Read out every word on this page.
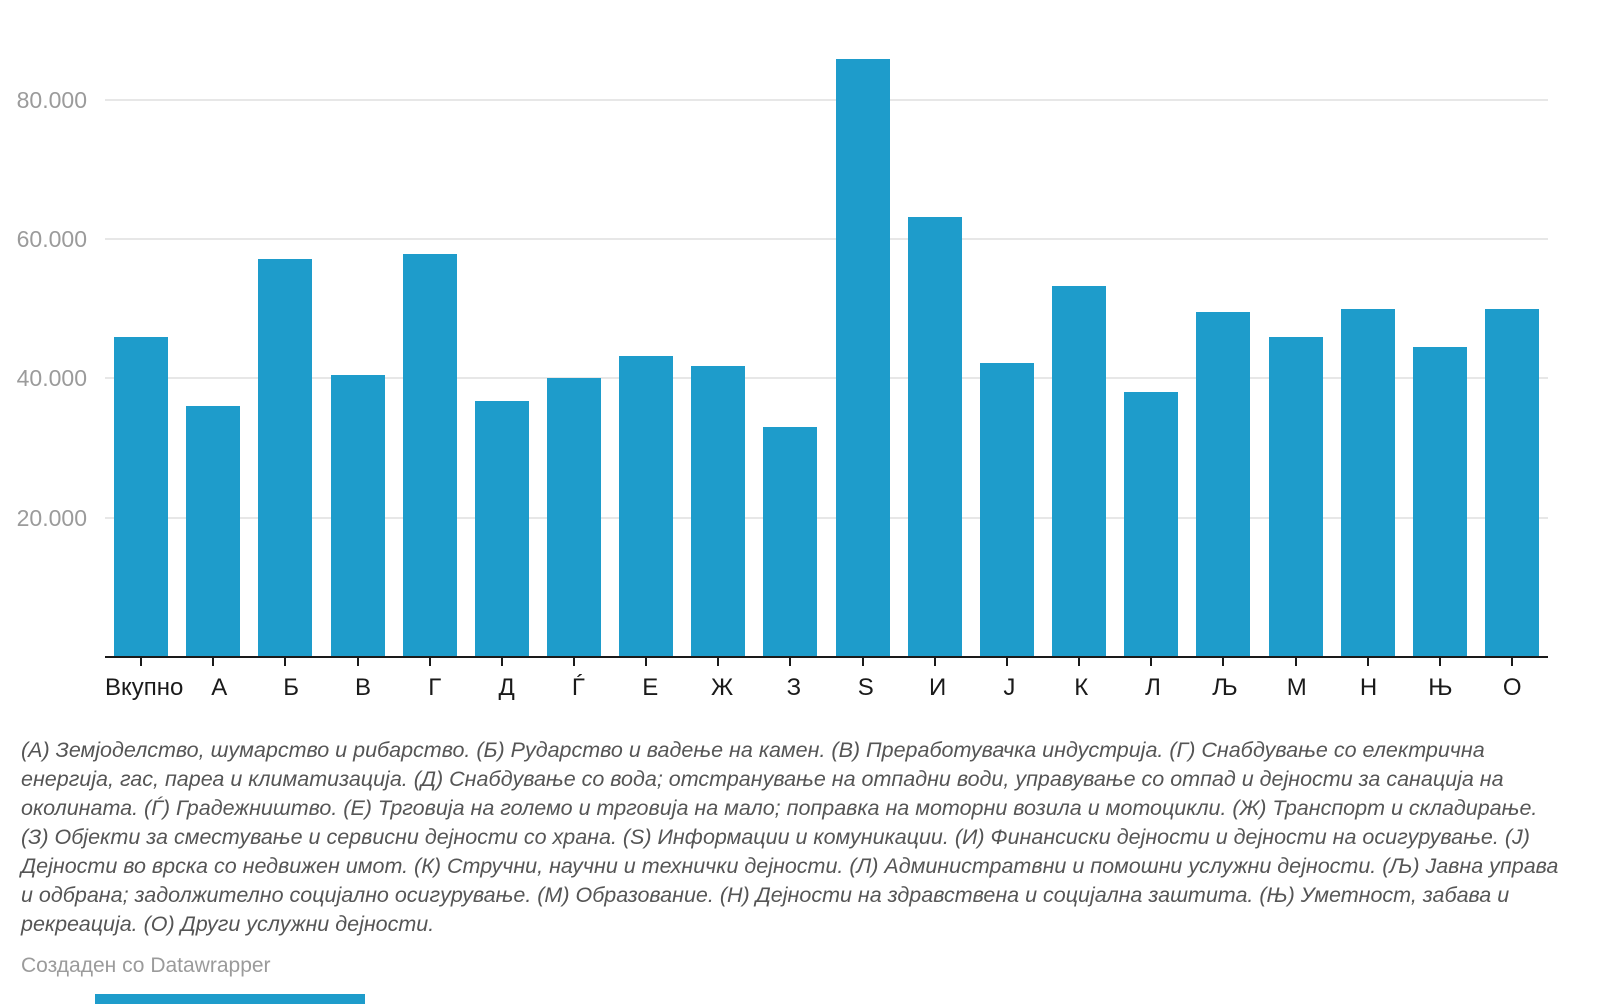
80.000
60.000
40.000
20.000
Вкупно	А	Б	В	Г	Д	Ѓ	Е	Ж	З	S	И	Ј	К	Л	Љ	М	Н	Њ	О
(А) Земјоделство, шумарство и рибарство. (Б) Рударство и вадење на камен. (В) Преработувачка индустрија. (Г) Снабдување со електрична енергија, гас, пареа и климатизација. (Д) Снабдување со вода; отстранување на отпадни води, управување со отпад и дејности за санација на околината. (Ѓ) Градежништво. (Е) Трговија на големо и трговија на мало; поправка на моторни возила и мотоцикли. (Ж) Транспорт и складирање. (З) Објекти за сместување и сервисни дејности со храна. (S) Информации и комуникации. (И) Финансиски дејности и дејности на осигурување. (Ј) Дејности во врска со недвижен имот. (К) Стручни, научни и технички дејности. (Л) Администратвни и помошни услужни дејности. (Љ) Јавна управа и одбрана; задолжително социјално осигурување. (М) Образование. (Н) Дејности на здравствена и социјална заштита. (Њ) Уметност, забава и рекреација. (О) Други услужни дејности.
Создаден со Datawrapper
